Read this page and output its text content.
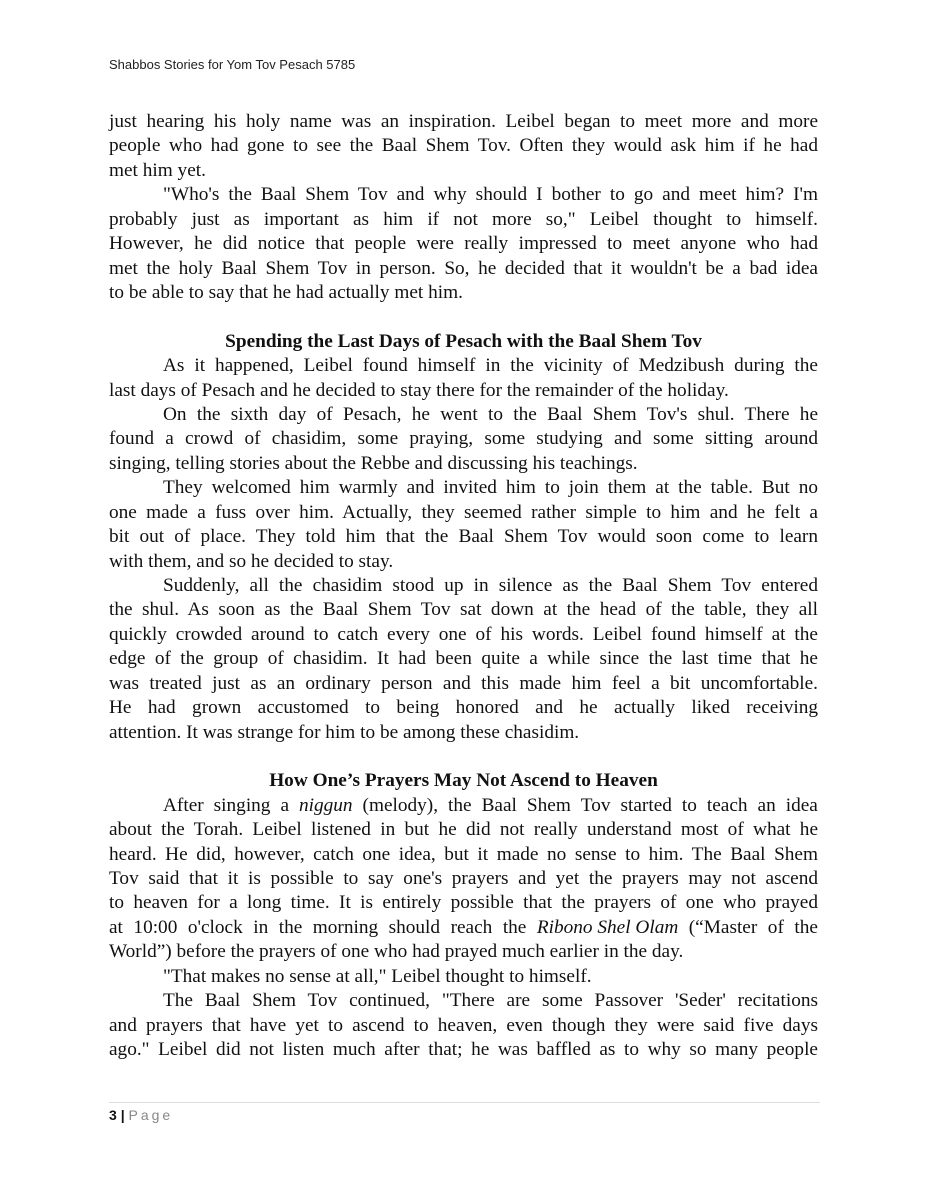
Shabbos Stories for Yom Tov Pesach 5785
just hearing his holy name was an inspiration. Leibel began to meet more and more
people who had gone to see the Baal Shem Tov. Often they would ask him if he had
met him yet.
"Who's the Baal Shem Tov and why should I bother to go and meet him? I'm
probably just as important as him if not more so," Leibel thought to himself.
However, he did notice that people were really impressed to meet anyone who had
met the holy Baal Shem Tov in person. So, he decided that it wouldn't be a bad idea
to be able to say that he had actually met him.
Spending the Last Days of Pesach with the Baal Shem Tov
As it happened, Leibel found himself in the vicinity of Medzibush during the
last days of Pesach and he decided to stay there for the remainder of the holiday.
On the sixth day of Pesach, he went to the Baal Shem Tov's shul. There he
found a crowd of chasidim, some praying, some studying and some sitting around
singing, telling stories about the Rebbe and discussing his teachings.
They welcomed him warmly and invited him to join them at the table. But no
one made a fuss over him. Actually, they seemed rather simple to him and he felt a
bit out of place. They told him that the Baal Shem Tov would soon come to learn
with them, and so he decided to stay.
Suddenly, all the chasidim stood up in silence as the Baal Shem Tov entered
the shul. As soon as the Baal Shem Tov sat down at the head of the table, they all
quickly crowded around to catch every one of his words. Leibel found himself at the
edge of the group of chasidim. It had been quite a while since the last time that he
was treated just as an ordinary person and this made him feel a bit uncomfortable.
He had grown accustomed to being honored and he actually liked receiving
attention. It was strange for him to be among these chasidim.
How One’s Prayers May Not Ascend to Heaven
After singing a niggun (melody), the Baal Shem Tov started to teach an idea
about the Torah. Leibel listened in but he did not really understand most of what he
heard. He did, however, catch one idea, but it made no sense to him. The Baal Shem
Tov said that it is possible to say one's prayers and yet the prayers may not ascend
to heaven for a long time. It is entirely possible that the prayers of one who prayed
at 10:00 o'clock in the morning should reach the Ribono Shel Olam (“Master of the
World”) before the prayers of one who had prayed much earlier in the day.
"That makes no sense at all," Leibel thought to himself.
The Baal Shem Tov continued, "There are some Passover 'Seder' recitations
and prayers that have yet to ascend to heaven, even though they were said five days
ago." Leibel did not listen much after that; he was baffled as to why so many people
3 | Page
